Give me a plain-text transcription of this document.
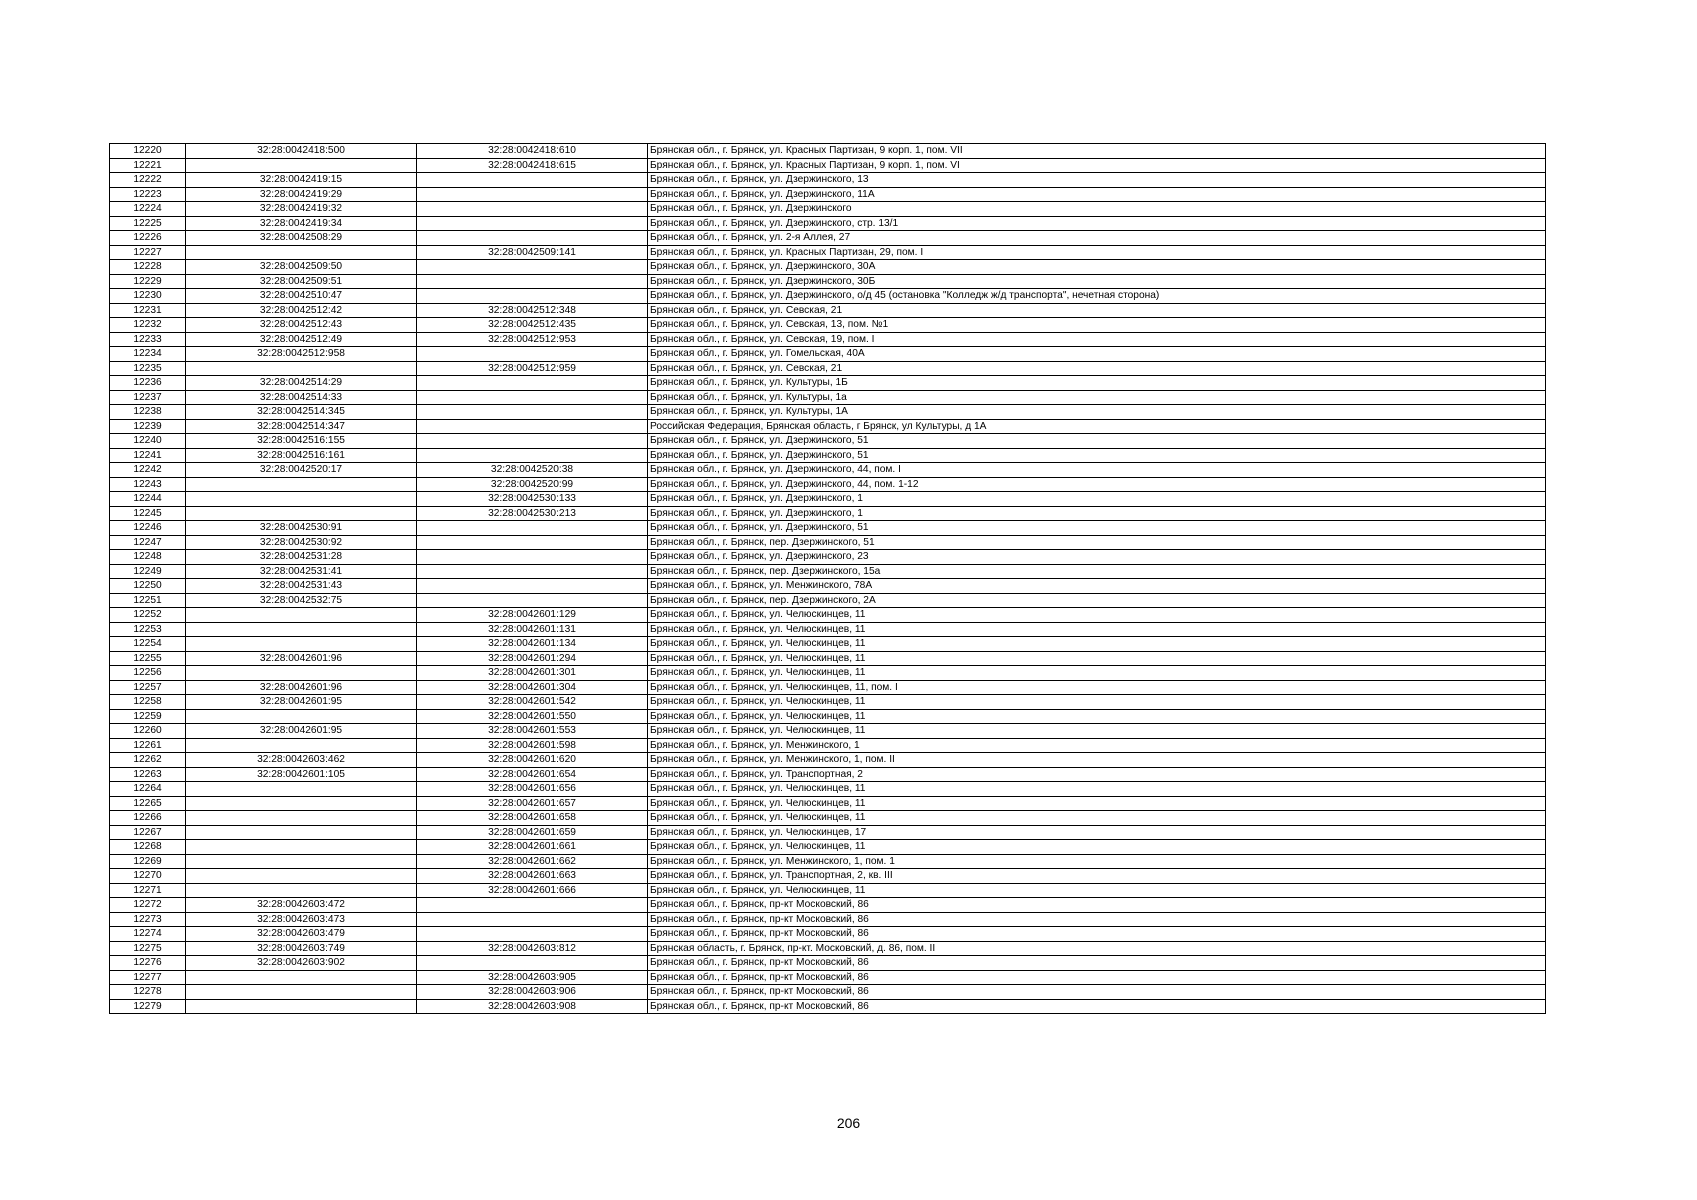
12220	32:28:0042418:500	32:28:0042418:610	Брянская обл., г. Брянск, ул. Красных Партизан, 9 корп. 1, пом. VII
12221		32:28:0042418:615	Брянская обл., г. Брянск, ул. Красных Партизан, 9 корп. 1, пом. VI
12222	32:28:0042419:15		Брянская обл., г. Брянск, ул. Дзержинского, 13
12223	32:28:0042419:29		Брянская обл., г. Брянск, ул. Дзержинского, 11А
12224	32:28:0042419:32		Брянская обл., г. Брянск, ул. Дзержинского
12225	32:28:0042419:34		Брянская обл., г. Брянск, ул. Дзержинского, стр. 13/1
12226	32:28:0042508:29		Брянская обл., г. Брянск, ул. 2-я Аллея, 27
12227		32:28:0042509:141	Брянская обл., г. Брянск, ул. Красных Партизан, 29, пом. I
12228	32:28:0042509:50		Брянская обл., г. Брянск, ул. Дзержинского, 30А
12229	32:28:0042509:51		Брянская обл., г. Брянск, ул. Дзержинского, 30Б
12230	32:28:0042510:47		Брянская обл., г. Брянск, ул. Дзержинского, о/д 45 (остановка "Колледж ж/д транспорта", нечетная сторона)
12231	32:28:0042512:42	32:28:0042512:348	Брянская обл., г. Брянск, ул. Севская, 21
12232	32:28:0042512:43	32:28:0042512:435	Брянская обл., г. Брянск, ул. Севская, 13, пом. №1
12233	32:28:0042512:49	32:28:0042512:953	Брянская обл., г. Брянск, ул. Севская, 19, пом. I
12234	32:28:0042512:958		Брянская обл., г. Брянск, ул. Гомельская, 40А
12235		32:28:0042512:959	Брянская обл., г. Брянск, ул. Севская, 21
12236	32:28:0042514:29		Брянская обл., г. Брянск, ул. Культуры, 1Б
12237	32:28:0042514:33		Брянская обл., г. Брянск, ул. Культуры, 1а
12238	32:28:0042514:345		Брянская обл., г. Брянск, ул. Культуры, 1А
12239	32:28:0042514:347		Российская Федерация, Брянская область, г Брянск, ул Культуры, д 1А
12240	32:28:0042516:155		Брянская обл., г. Брянск, ул. Дзержинского, 51
12241	32:28:0042516:161		Брянская обл., г. Брянск, ул. Дзержинского, 51
12242	32:28:0042520:17	32:28:0042520:38	Брянская обл., г. Брянск, ул. Дзержинского, 44, пом. I
12243		32:28:0042520:99	Брянская обл., г. Брянск, ул. Дзержинского, 44, пом. 1-12
12244		32:28:0042530:133	Брянская обл., г. Брянск, ул. Дзержинского, 1
12245		32:28:0042530:213	Брянская обл., г. Брянск, ул. Дзержинского, 1
12246	32:28:0042530:91		Брянская обл., г. Брянск, ул. Дзержинского, 51
12247	32:28:0042530:92		Брянская обл., г. Брянск, пер. Дзержинского, 51
12248	32:28:0042531:28		Брянская обл., г. Брянск, ул. Дзержинского, 23
12249	32:28:0042531:41		Брянская обл., г. Брянск, пер. Дзержинского, 15а
12250	32:28:0042531:43		Брянская обл., г. Брянск, ул. Менжинского, 78А
12251	32:28:0042532:75		Брянская обл., г. Брянск, пер. Дзержинского, 2А
12252		32:28:0042601:129	Брянская обл., г. Брянск, ул. Челюскинцев, 11
12253		32:28:0042601:131	Брянская обл., г. Брянск, ул. Челюскинцев, 11
12254		32:28:0042601:134	Брянская обл., г. Брянск, ул. Челюскинцев, 11
12255	32:28:0042601:96	32:28:0042601:294	Брянская обл., г. Брянск, ул. Челюскинцев, 11
12256		32:28:0042601:301	Брянская обл., г. Брянск, ул. Челюскинцев, 11
12257	32:28:0042601:96	32:28:0042601:304	Брянская обл., г. Брянск, ул. Челюскинцев, 11, пом. I
12258	32:28:0042601:95	32:28:0042601:542	Брянская обл., г. Брянск, ул. Челюскинцев, 11
12259		32:28:0042601:550	Брянская обл., г. Брянск, ул. Челюскинцев, 11
12260	32:28:0042601:95	32:28:0042601:553	Брянская обл., г. Брянск, ул. Челюскинцев, 11
12261		32:28:0042601:598	Брянская обл., г. Брянск, ул. Менжинского, 1
12262	32:28:0042603:462	32:28:0042601:620	Брянская обл., г. Брянск, ул. Менжинского, 1, пом. II
12263	32:28:0042601:105	32:28:0042601:654	Брянская обл., г. Брянск, ул. Транспортная, 2
12264		32:28:0042601:656	Брянская обл., г. Брянск, ул. Челюскинцев, 11
12265		32:28:0042601:657	Брянская обл., г. Брянск, ул. Челюскинцев, 11
12266		32:28:0042601:658	Брянская обл., г. Брянск, ул. Челюскинцев, 11
12267		32:28:0042601:659	Брянская обл., г. Брянск, ул. Челюскинцев, 17
12268		32:28:0042601:661	Брянская обл., г. Брянск, ул. Челюскинцев, 11
12269		32:28:0042601:662	Брянская обл., г. Брянск, ул. Менжинского, 1, пом. 1
12270		32:28:0042601:663	Брянская обл., г. Брянск, ул. Транспортная, 2, кв. III
12271		32:28:0042601:666	Брянская обл., г. Брянск, ул. Челюскинцев, 11
12272	32:28:0042603:472		Брянская обл., г. Брянск, пр-кт Московский, 86
12273	32:28:0042603:473		Брянская обл., г. Брянск, пр-кт Московский, 86
12274	32:28:0042603:479		Брянская обл., г. Брянск, пр-кт Московский, 86
12275	32:28:0042603:749	32:28:0042603:812	Брянская область, г. Брянск, пр-кт. Московский, д. 86, пом. II
12276	32:28:0042603:902		Брянская обл., г. Брянск, пр-кт Московский, 86
12277		32:28:0042603:905	Брянская обл., г. Брянск, пр-кт Московский, 86
12278		32:28:0042603:906	Брянская обл., г. Брянск, пр-кт Московский, 86
12279		32:28:0042603:908	Брянская обл., г. Брянск, пр-кт Московский, 86
206
